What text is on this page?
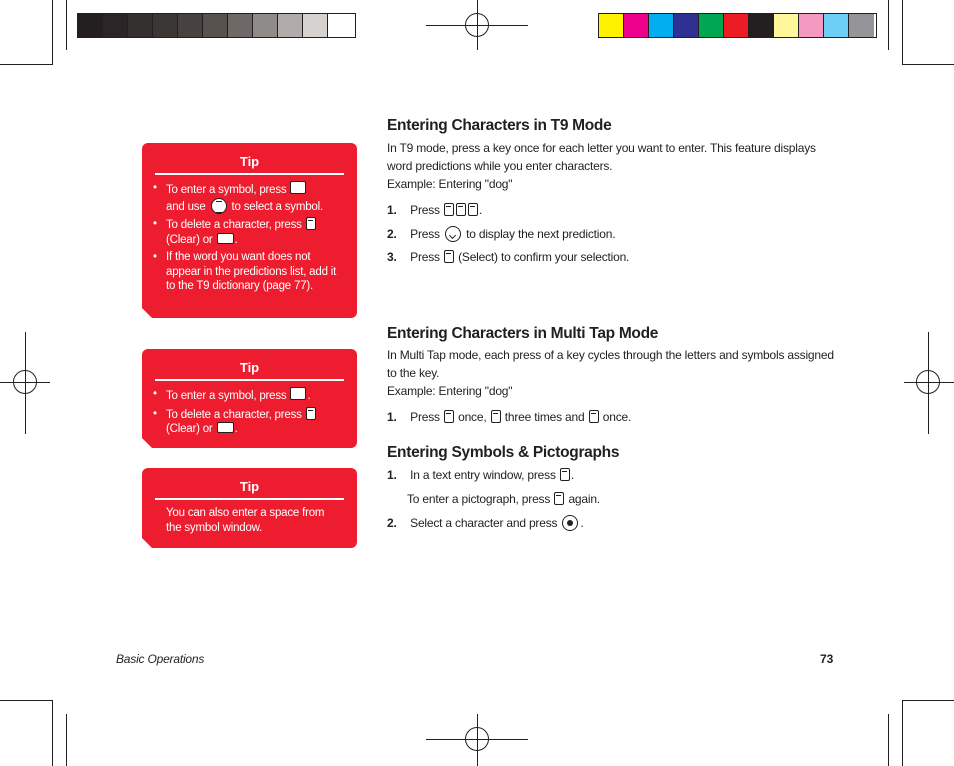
Tip
• To enter a symbol, press
and use to select a symbol.
• To delete a character, press
(Clear) or .
• If the word you want does not appear in the predictions list, add it to the T9 dictionary (page 77).
Tip
• To enter a symbol, press .
• To delete a character, press
(Clear) or .
Tip

You can also enter a space from the symbol window.

Entering Characters in T9 Mode

In T9 mode, press a key once for each letter you want to enter. This feature displays word predictions while you enter characters.
Example: Entering "dog"

1. Press	.
2. Press to display the next prediction.
3. Press (Select) to confirm your selection.
Entering Characters in Multi Tap Mode

In Multi Tap mode, each press of a key cycles through the letters and symbols assigned to the key.
Example: Entering "dog"

1. Press once, three times and once.
Entering Symbols & Pictographs
1. In a text entry window, press .
To enter a pictograph, press again.
2. Select a character and press .
Basic Operations	73
